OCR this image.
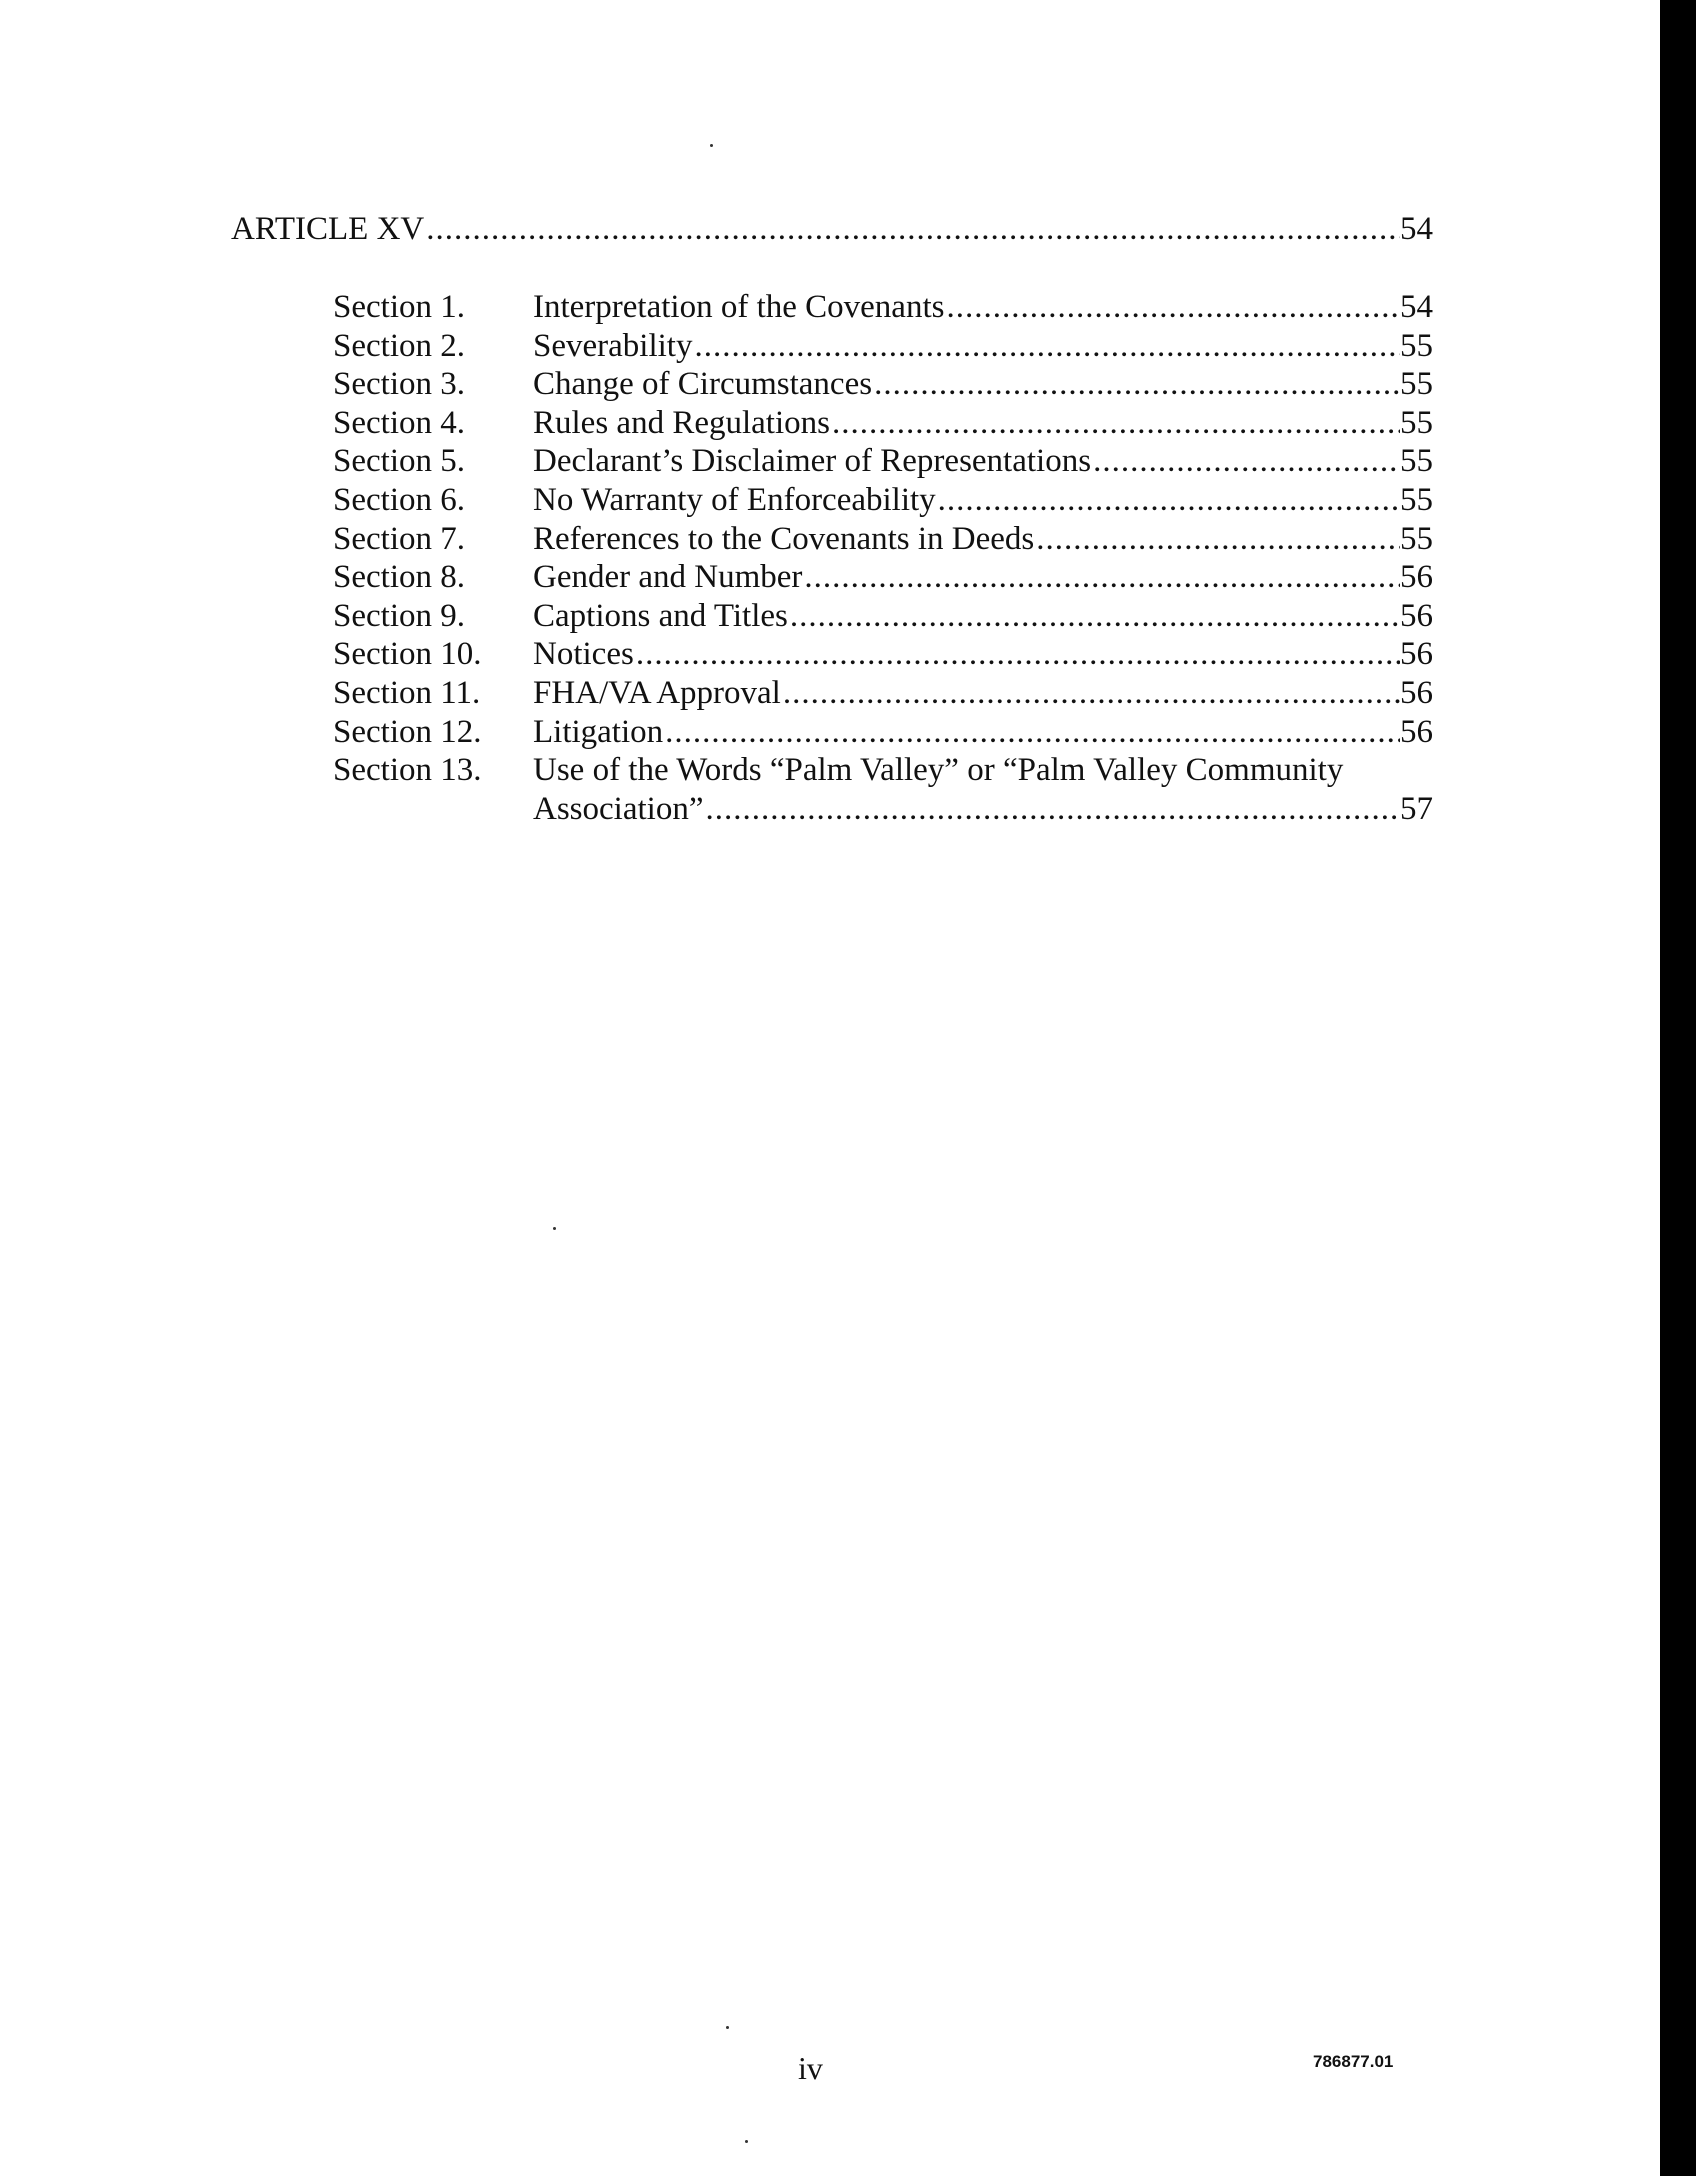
ARTICLE XV .....	54
Section 1.	Interpretation of the Covenants .....	54
Section 2.	Severability .....	55
Section 3.	Change of Circumstances .....	55
Section 4.	Rules and Regulations .....	55
Section 5.	Declarant’s Disclaimer of Representations .....	55
Section 6.	No Warranty of Enforceability .....	55
Section 7.	References to the Covenants in Deeds .....	55
Section 8.	Gender and Number .....	56
Section 9.	Captions and Titles .....	56
Section 10.	Notices .....	56
Section 11.	FHA/VA Approval .....	56
Section 12.	Litigation .....	56
Section 13.	Use of the Words “Palm Valley” or “Palm Valley Community
Association” .....	57
iv	786877.01
